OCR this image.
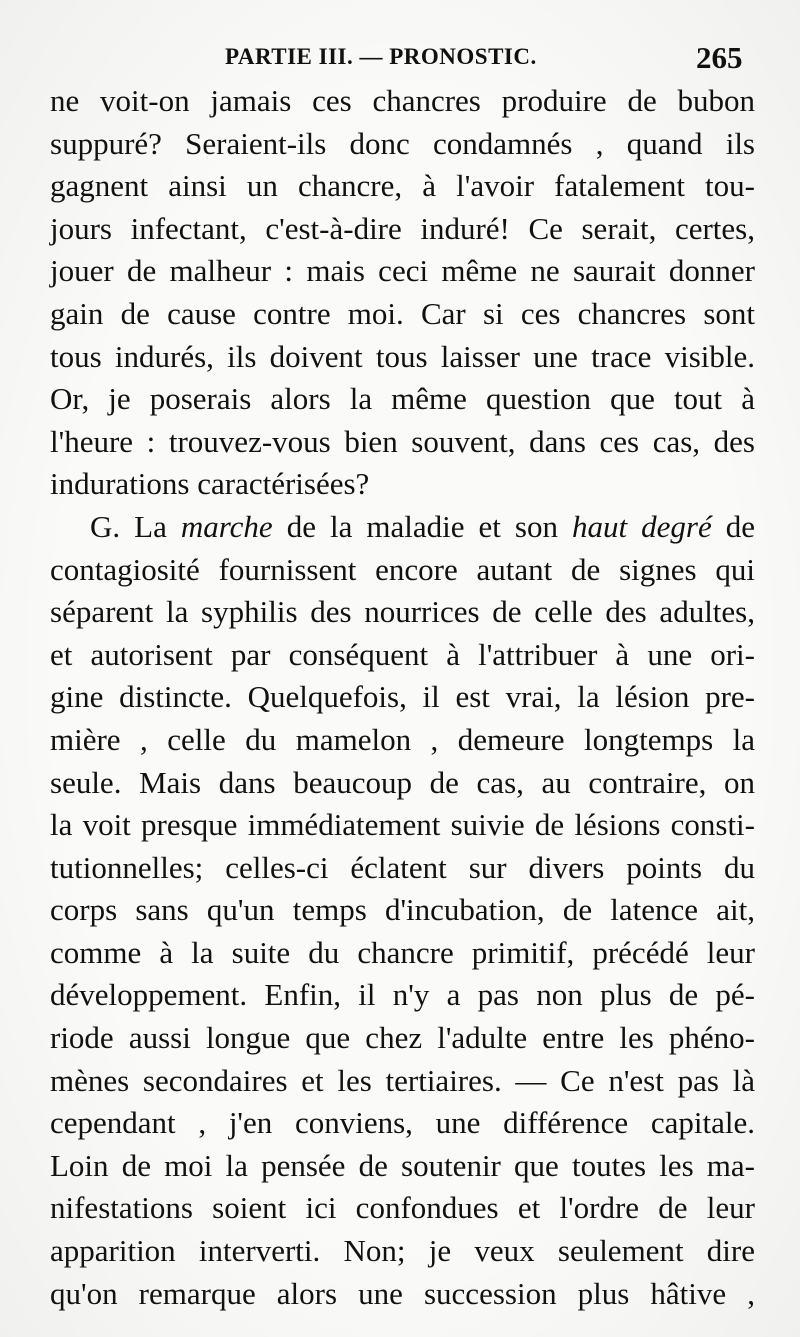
PARTIE III. — PRONOSTIC.	265
ne voit-on jamais ces chancres produire de bubon
suppuré? Seraient-ils donc condamnés , quand ils
gagnent ainsi un chancre, à l'avoir fatalement tou-
jours infectant, c'est-à-dire induré! Ce serait, certes,
jouer de malheur : mais ceci même ne saurait donner
gain de cause contre moi. Car si ces chancres sont
tous indurés, ils doivent tous laisser une trace visible.
Or, je poserais alors la même question que tout à
l'heure : trouvez-vous bien souvent, dans ces cas, des
indurations caractérisées?
G. La marche de la maladie et son haut degré de
contagiosité fournissent encore autant de signes qui
séparent la syphilis des nourrices de celle des adultes,
et autorisent par conséquent à l'attribuer à une ori-
gine distincte. Quelquefois, il est vrai, la lésion pre-
mière , celle du mamelon , demeure longtemps la
seule. Mais dans beaucoup de cas, au contraire, on
la voit presque immédiatement suivie de lésions consti-
tutionnelles; celles-ci éclatent sur divers points du
corps sans qu'un temps d'incubation, de latence ait,
comme à la suite du chancre primitif, précédé leur
développement. Enfin, il n'y a pas non plus de pé-
riode aussi longue que chez l'adulte entre les phéno-
mènes secondaires et les tertiaires. — Ce n'est pas là
cependant , j'en conviens, une différence capitale.
Loin de moi la pensée de soutenir que toutes les ma-
nifestations soient ici confondues et l'ordre de leur
apparition interverti. Non; je veux seulement dire
qu'on remarque alors une succession plus hâtive ,
